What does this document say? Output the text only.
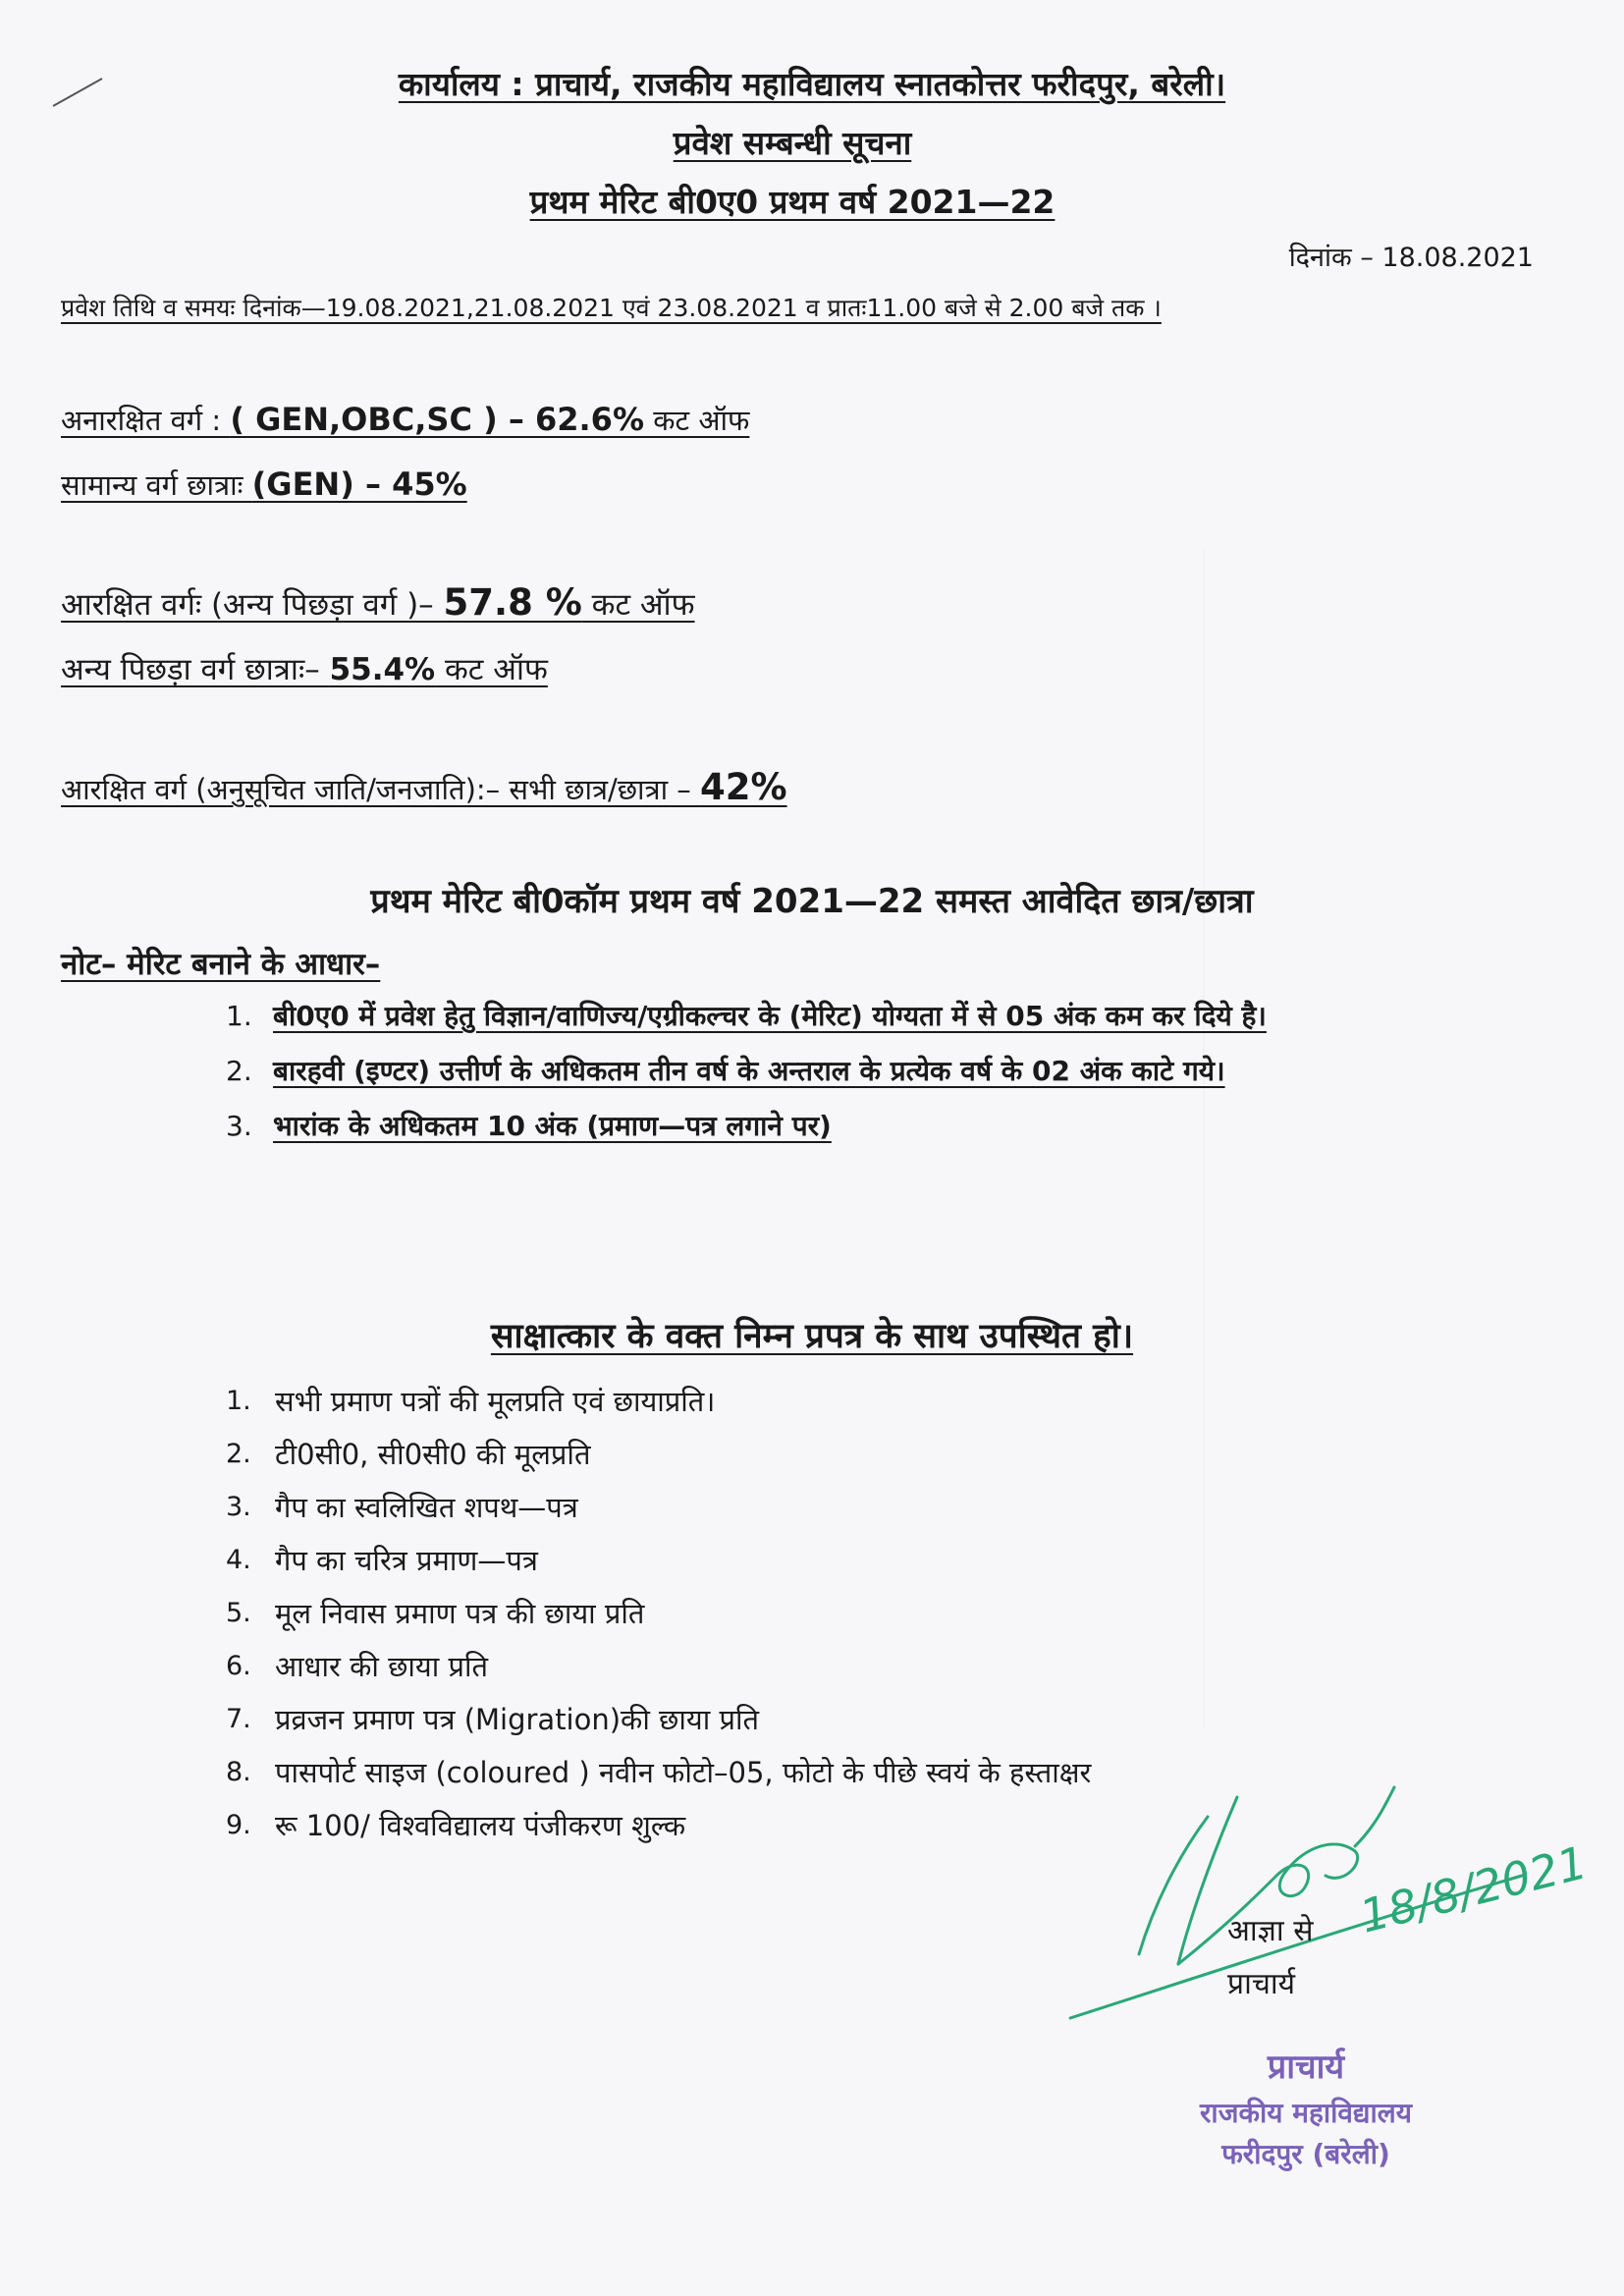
कार्यालय : प्राचार्य, राजकीय महाविद्यालय स्नातकोत्तर फरीदपुर, बरेली।
प्रवेश सम्बन्धी सूचना
प्रथम मेरिट बी0ए0 प्रथम वर्ष 2021—22
दिनांक – 18.08.2021
प्रवेश तिथि व समयः दिनांक—19.08.2021,21.08.2021 एवं 23.08.2021 व प्रातः11.00 बजे से 2.00 बजे तक ।
अनारक्षित वर्ग : ( GEN,OBC,SC ) – 62.6% कट ऑफ
सामान्य वर्ग छात्राः (GEN) – 45%
आरक्षित वर्गः (अन्य पिछड़ा वर्ग )– 57.8 % कट ऑफ
अन्य पिछड़ा वर्ग छात्राः– 55.4% कट ऑफ
आरक्षित वर्ग (अनुसूचित जाति/जनजाति):– सभी छात्र/छात्रा – 42%
प्रथम मेरिट बी0कॉम प्रथम वर्ष 2021—22 समस्त आवेदित छात्र/छात्रा
नोट– मेरिट बनाने के आधार–
1. बी0ए0 में प्रवेश हेतु विज्ञान/वाणिज्य/एग्रीकल्चर के (मेरिट) योग्यता में से 05 अंक कम कर दिये है।
2. बारहवी (इण्टर) उत्तीर्ण के अधिकतम तीन वर्ष के अन्तराल के प्रत्येक वर्ष के 02 अंक काटे गये।
3. भारांक के अधिकतम 10 अंक (प्रमाण—पत्र लगाने पर)
साक्षात्कार के वक्त निम्न प्रपत्र के साथ उपस्थित हो।
1. सभी प्रमाण पत्रों की मूलप्रति एवं छायाप्रति।
2. टी0सी0, सी0सी0 की मूलप्रति
3. गैप का स्वलिखित शपथ—पत्र
4. गैप का चरित्र प्रमाण—पत्र
5. मूल निवास प्रमाण पत्र की छाया प्रति
6. आधार की छाया प्रति
7. प्रव्रजन प्रमाण पत्र (Migration)की छाया प्रति
8. पासपोर्ट साइज (coloured ) नवीन फोटो–05, फोटो के पीछे स्वयं के हस्ताक्षर
9. रू 100/ विश्वविद्यालय पंजीकरण शुल्क
18/8/2021
आज्ञा से
प्राचार्य
प्राचार्य
राजकीय महाविद्यालय
फरीदपुर (बरेली)
